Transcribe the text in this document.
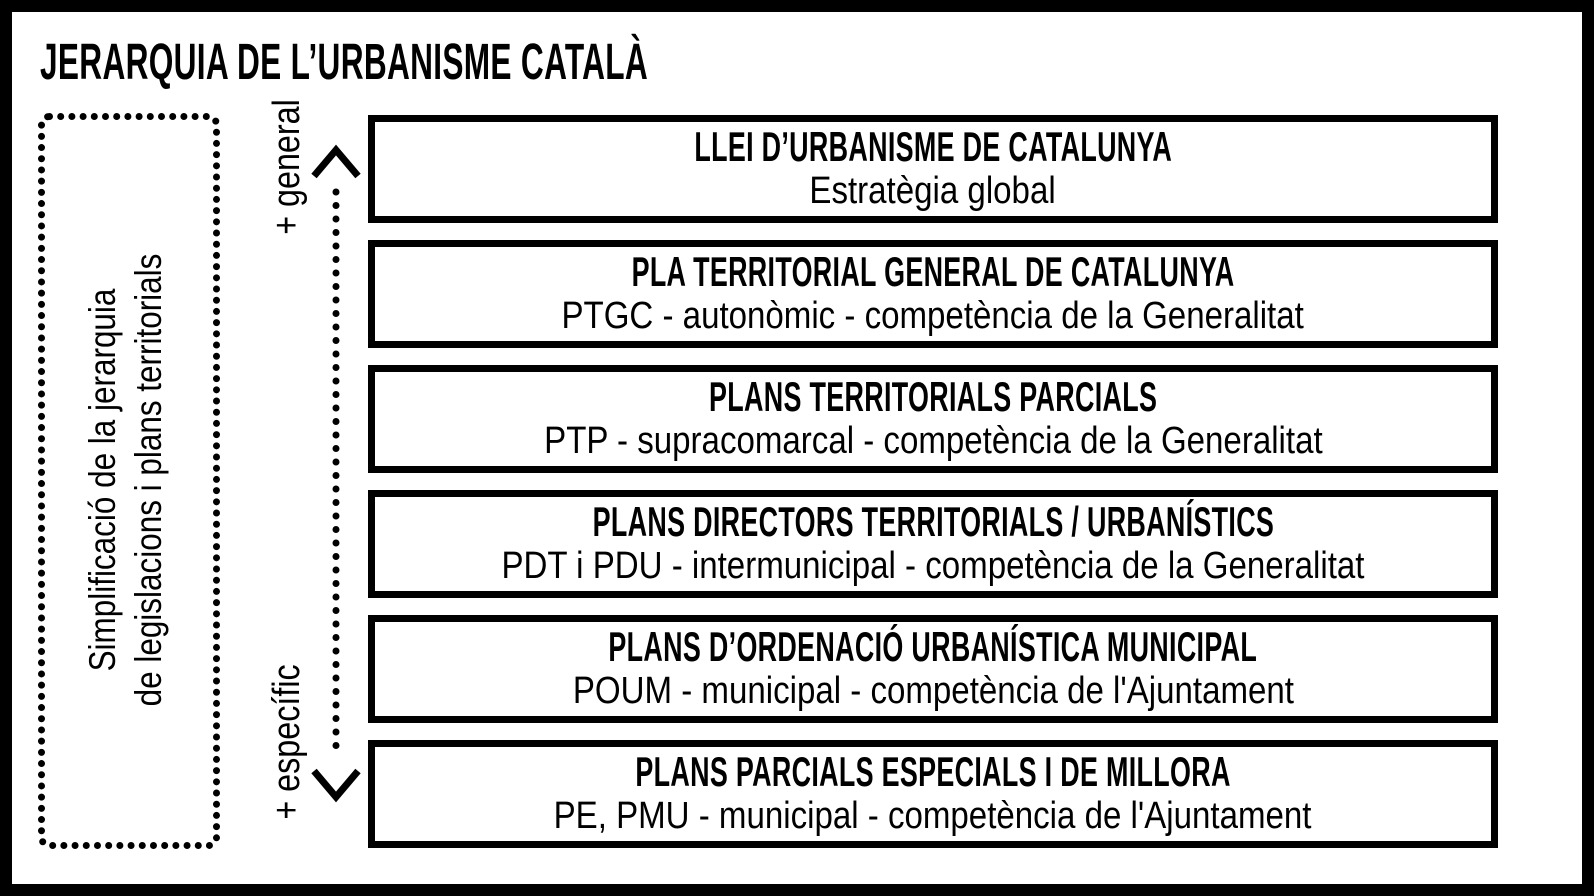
JERARQUIA DE L’URBANISME CATALÀ
Simplificació de la jerarquia de legislacions i plans territorials
+ general
+ específic
LLEI D’URBANISME DE CATALUNYA
Estratègia global
PLA TERRITORIAL GENERAL DE CATALUNYA
PTGC - autonòmic - competència de la Generalitat
PLANS TERRITORIALS PARCIALS
PTP - supracomarcal - competència de la Generalitat
PLANS DIRECTORS TERRITORIALS / URBANÍSTICS
PDT i PDU - intermunicipal - competència de la Generalitat
PLANS D’ORDENACIÓ URBANÍSTICA MUNICIPAL
POUM - municipal - competència de l'Ajuntament
PLANS PARCIALS ESPECIALS I DE MILLORA
PE, PMU - municipal - competència de l'Ajuntament
